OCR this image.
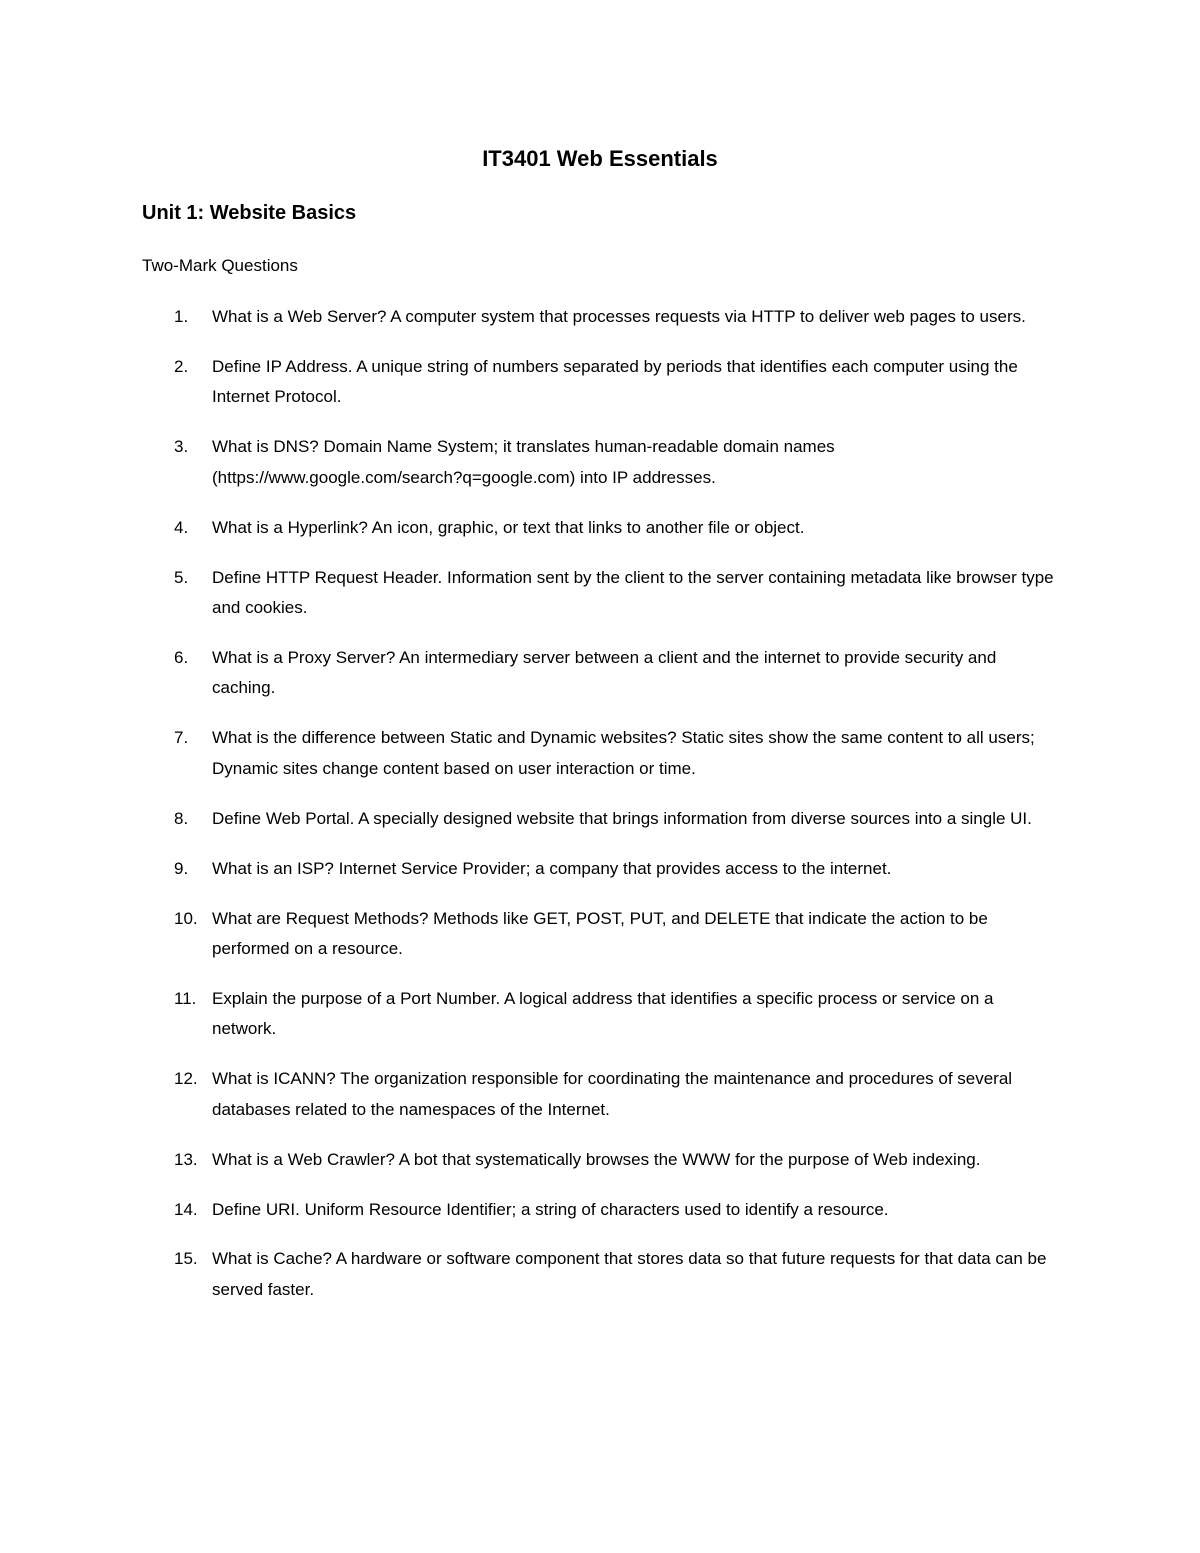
IT3401 Web Essentials
Unit 1: Website Basics

Two-Mark Questions

1.	What is a Web Server? A computer system that processes requests via HTTP to deliver web pages to users.
2.	Define IP Address. A unique string of numbers separated by periods that identifies each computer using the Internet Protocol.
3.	What is DNS? Domain Name System; it translates human-readable domain names (https://www.google.com/search?q=google.com) into IP addresses.
4.	What is a Hyperlink? An icon, graphic, or text that links to another file or object.
5.	Define HTTP Request Header. Information sent by the client to the server containing metadata like browser type and cookies.
6.	What is a Proxy Server? An intermediary server between a client and the internet to provide security and caching.
7.	What is the difference between Static and Dynamic websites? Static sites show the same content to all users; Dynamic sites change content based on user interaction or time.
8.	Define Web Portal. A specially designed website that brings information from diverse sources into a single UI.
9.	What is an ISP? Internet Service Provider; a company that provides access to the internet.
10. What are Request Methods? Methods like GET, POST, PUT, and DELETE that indicate the action to be performed on a resource.
11. Explain the purpose of a Port Number. A logical address that identifies a specific process or service on a network.
12. What is ICANN? The organization responsible for coordinating the maintenance and procedures of several databases related to the namespaces of the Internet.
13. What is a Web Crawler? A bot that systematically browses the WWW for the purpose of Web indexing.
14. Define URI. Uniform Resource Identifier; a string of characters used to identify a resource.
15. What is Cache? A hardware or software component that stores data so that future requests for that data can be served faster.
